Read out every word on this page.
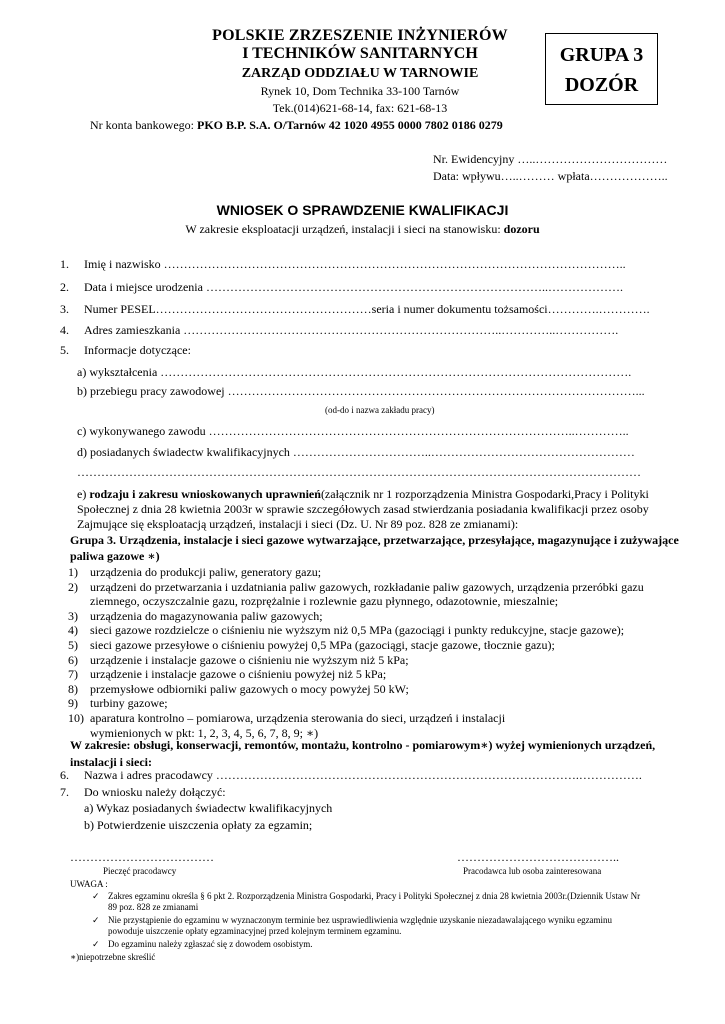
POLSKIE ZRZESZENIE INŻYNIERÓW
I TECHNIKÓW SANITARNYCH
ZARZĄD ODDZIAŁU W TARNOWIE
Rynek 10, Dom Technika 33-100 Tarnów
Tek.(014)621-68-14, fax: 621-68-13
Nr konta bankowego: PKO B.P. S.A. O/Tarnów 42 1020 4955 0000 7802 0186 0279
GRUPA 3
DOZÓR
Nr. Ewidencyjny …..……………………………
Data: wpływu…..……… wpłata………………..
WNIOSEK O SPRAWDZENIE KWALIFIKACJI
W zakresie eksploatacji urządzeń, instalacji i sieci na stanowisku: dozoru
1. Imię i nazwisko ……………………………………………………………………………………………………..
2. Data i miejsce urodzenia …………………………………………………………………………..……………….
3. Numer PESEL………………………………………………seria i numer dokumentu tożsamości………….………….
4. Adres zamieszkania ……………………………………………………………………..…………..…………….
5. Informacje dotyczące:
a) wykształcenia ……………………………………………………………………………………………………….
b) przebiegu pracy zawodowej …………………………………………………………………………………………...
(od-do i nazwa zakładu pracy)
c) wykonywanego zawodu ………………………………………………………………………………..…………..
d) posiadanych świadectw kwalifikacyjnych ……………………………..……………………………………………
……………………………………………………………………………………………………………………………
e) rodzaju i zakresu wnioskowanych uprawnień(załącznik nr 1 rozporządzenia Ministra Gospodarki,Pracy i Polityki
Społecznej z dnia 28 kwietnia 2003r w sprawie szczegółowych zasad stwierdzania posiadania kwalifikacji przez osoby
Zajmujące się eksploatacją urządzeń, instalacji i sieci (Dz. U. Nr 89 poz. 828 ze zmianami):
Grupa 3. Urządzenia, instalacje i sieci gazowe wytwarzające, przetwarzające, przesyłające, magazynujące i zużywające
paliwa gazowe ∗)
1) urządzenia do produkcji paliw, generatory gazu;
2) urządzeni do przetwarzania i uzdatniania paliw gazowych, rozkładanie paliw gazowych, urządzenia przeróbki gazu
ziemnego, oczyszczalnie gazu, rozprężalnie i rozlewnie gazu płynnego, odazotownie, mieszalnie;
3) urządzenia do magazynowania paliw gazowych;
4) sieci gazowe rozdzielcze o ciśnieniu nie wyższym niż 0,5 MPa (gazociągi i punkty redukcyjne, stacje gazowe);
5) sieci gazowe przesyłowe o ciśnieniu powyżej 0,5 MPa (gazociągi, stacje gazowe, tłocznie gazu);
6) urządzenie i instalacje gazowe o ciśnieniu nie wyższym niż 5 kPa;
7) urządzenie i instalacje gazowe o ciśnieniu powyżej niż 5 kPa;
8) przemysłowe odbiorniki paliw gazowych o mocy powyżej 50 kW;
9) turbiny gazowe;
10) aparatura kontrolno – pomiarowa, urządzenia sterowania do sieci, urządzeń i instalacji
wymienionych w pkt: 1, 2, 3, 4, 5, 6, 7, 8, 9; ∗)
W zakresie: obsługi, konserwacji, remontów, montażu, kontrolno - pomiarowym∗) wyżej wymienionych urządzeń,
instalacji i sieci:
6. Nazwa i adres pracodawcy ……………………………………………………………………………….…………….
7. Do wniosku należy dołączyć:
a) Wykaz posiadanych świadectw kwalifikacyjnych
b) Potwierdzenie uiszczenia opłaty za egzamin;
………………………………
Pieczęć pracodawcy
…………………………………..
Pracodawca lub osoba zainteresowana
UWAGA :
✓ Zakres egzaminu określa § 6 pkt 2. Rozporządzenia Ministra Gospodarki, Pracy i Polityki Społecznej z dnia 28 kwietnia 2003r.(Dziennik Ustaw Nr
89 poz. 828 ze zmianami
✓ Nie przystąpienie do egzaminu w wyznaczonym terminie bez usprawiedliwienia względnie uzyskanie niezadawalającego wyniku egzaminu
powoduje uiszczenie opłaty egzaminacyjnej przed kolejnym terminem egzaminu.
✓ Do egzaminu należy zgłaszać się z dowodem osobistym.
∗)niepotrzebne skreślić
